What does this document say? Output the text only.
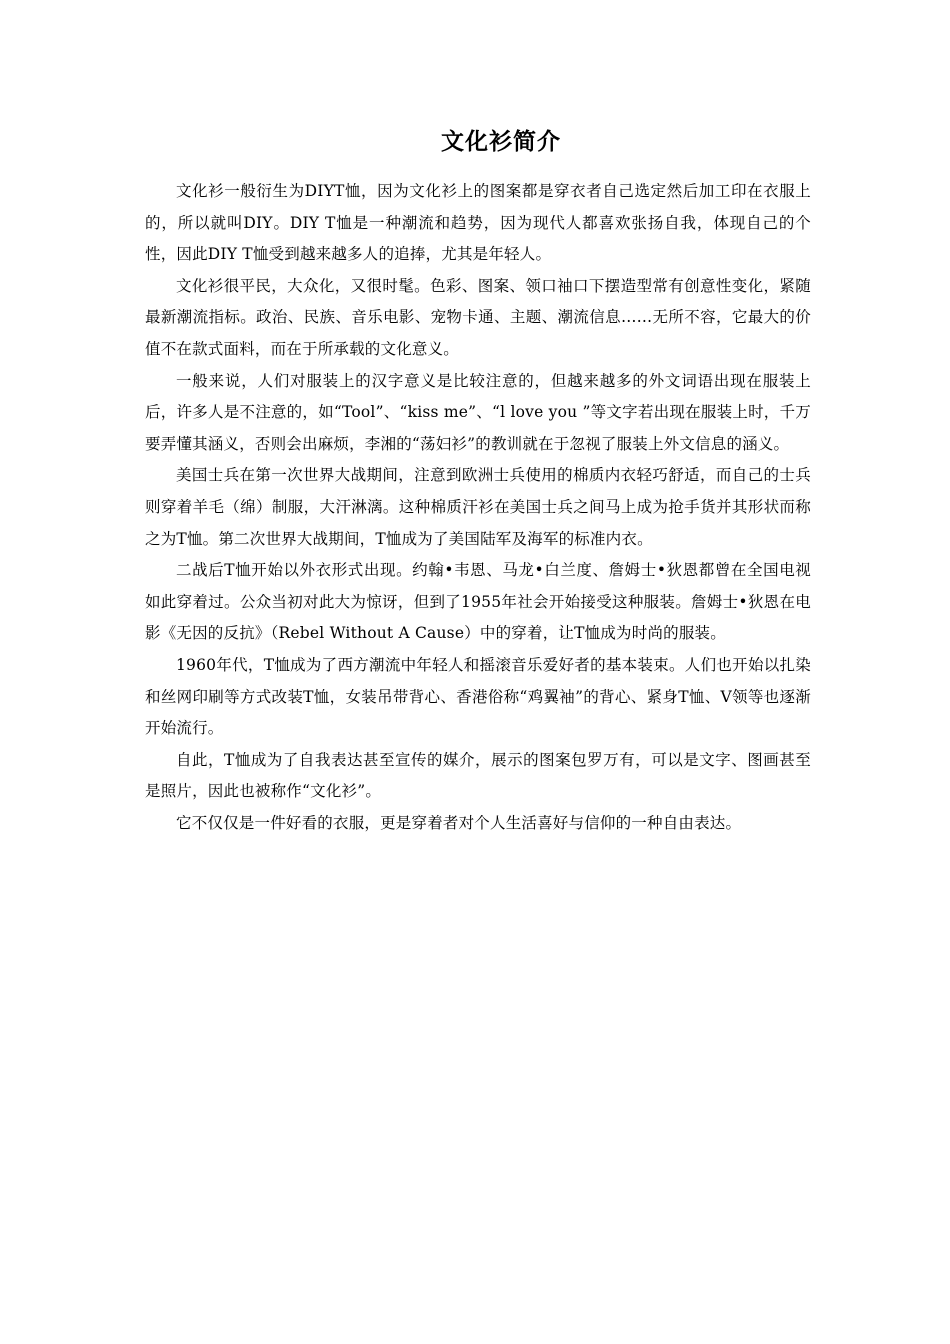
文化衫简介

文化衫一般衍生为DIYT恤，因为文化衫上的图案都是穿衣者自己选定然后加工印在衣服上的，所以就叫DIY。DIY T恤是一种潮流和趋势，因为现代人都喜欢张扬自我，体现自己的个性，因此DIY T恤受到越来越多人的追捧，尤其是年轻人。

文化衫很平民，大众化，又很时髦。色彩、图案、领口袖口下摆造型常有创意性变化，紧随最新潮流指标。政治、民族、音乐电影、宠物卡通、主题、潮流信息……无所不容，它最大的价值不在款式面料，而在于所承载的文化意义。

一般来说，人们对服装上的汉字意义是比较注意的，但越来越多的外文词语出现在服装上后，许多人是不注意的，如“Tool”、“kiss me”、“l love you ”等文字若出现在服装上时，千万要弄懂其涵义，否则会出麻烦，李湘的“荡妇衫”的教训就在于忽视了服装上外文信息的涵义。

美国士兵在第一次世界大战期间，注意到欧洲士兵使用的棉质内衣轻巧舒适，而自己的士兵则穿着羊毛（绵）制服，大汗淋漓。这种棉质汗衫在美国士兵之间马上成为抢手货并其形状而称之为T恤。第二次世界大战期间，T恤成为了美国陆军及海军的标准内衣。

二战后T恤开始以外衣形式出现。约翰•韦恩、马龙•白兰度、詹姆士•狄恩都曾在全国电视如此穿着过。公众当初对此大为惊讶，但到了1955年社会开始接受这种服装。詹姆士•狄恩在电影《无因的反抗》（Rebel Without A Cause）中的穿着，让T恤成为时尚的服装。

1960年代，T恤成为了西方潮流中年轻人和摇滚音乐爱好者的基本装束。人们也开始以扎染和丝网印刷等方式改装T恤，女装吊带背心、香港俗称“鸡翼袖”的背心、紧身T恤、V领等也逐渐开始流行。

自此，T恤成为了自我表达甚至宣传的媒介，展示的图案包罗万有，可以是文字、图画甚至是照片，因此也被称作“文化衫”。

它不仅仅是一件好看的衣服，更是穿着者对个人生活喜好与信仰的一种自由表达。
